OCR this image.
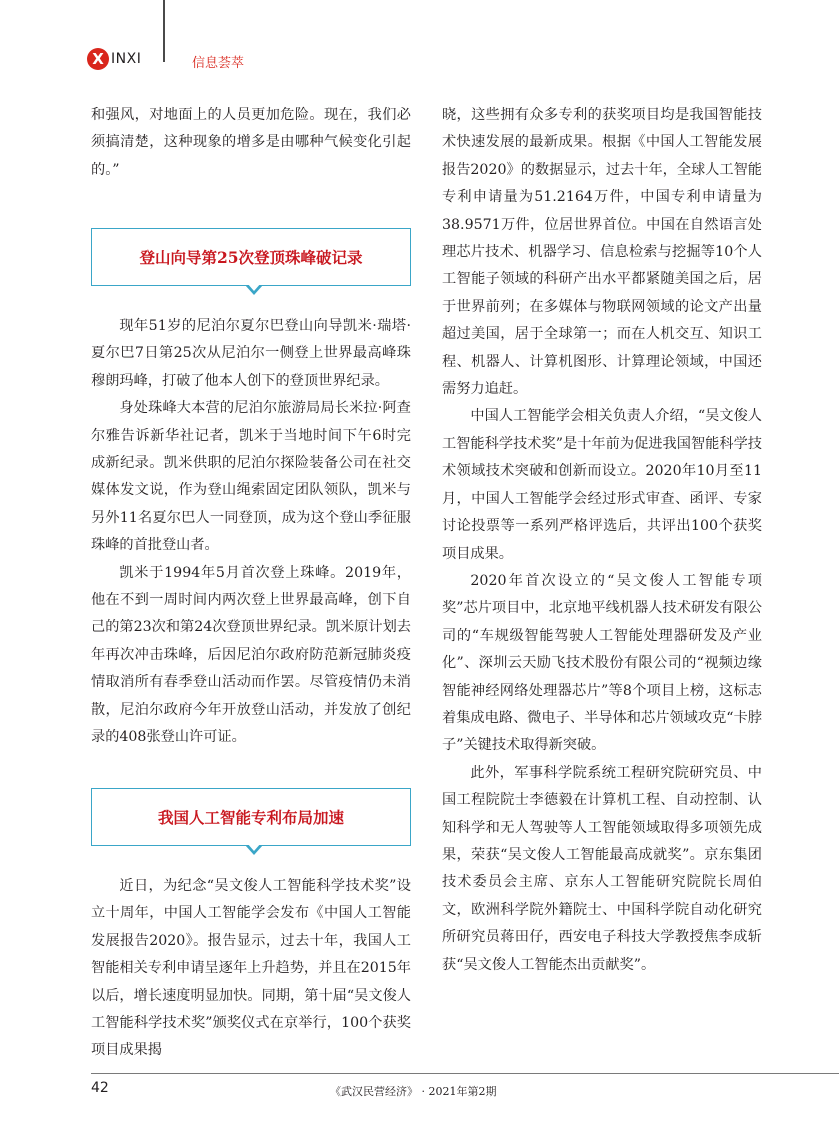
X INXI	信息荟萃

和强风，对地面上的人员更加危险。现在，我们必须搞清楚，这种现象的增多是由哪种气候变化引起的。”

登山向导第25次登顶珠峰破记录

现年51岁的尼泊尔夏尔巴登山向导凯米·瑞塔·夏尔巴7日第25次从尼泊尔一侧登上世界最高峰珠穆朗玛峰，打破了他本人创下的登顶世界纪录。

身处珠峰大本营的尼泊尔旅游局局长米拉·阿查尔雅告诉新华社记者，凯米于当地时间下午6时完成新纪录。凯米供职的尼泊尔探险装备公司在社交媒体发文说，作为登山绳索固定团队领队，凯米与另外11名夏尔巴人一同登顶，成为这个登山季征服珠峰的首批登山者。

凯米于1994年5月首次登上珠峰。2019年，他在不到一周时间内两次登上世界最高峰，创下自己的第23次和第24次登顶世界纪录。凯米原计划去年再次冲击珠峰，后因尼泊尔政府防范新冠肺炎疫情取消所有春季登山活动而作罢。尽管疫情仍未消散，尼泊尔政府今年开放登山活动，并发放了创纪录的408张登山许可证。

我国人工智能专利布局加速

近日，为纪念“吴文俊人工智能科学技术奖”设立十周年，中国人工智能学会发布《中国人工智能发展报告2020》。报告显示，过去十年，我国人工智能相关专利申请呈逐年上升趋势，并且在2015年以后，增长速度明显加快。同期，第十届“吴文俊人工智能科学技术奖”颁奖仪式在京举行，100个获奖项目成果揭

晓，这些拥有众多专利的获奖项目均是我国智能技术快速发展的最新成果。根据《中国人工智能发展报告2020》的数据显示，过去十年，全球人工智能专利申请量为51.2164万件，中国专利申请量为38.9571万件，位居世界首位。中国在自然语言处理芯片技术、机器学习、信息检索与挖掘等10个人工智能子领域的科研产出水平都紧随美国之后，居于世界前列；在多媒体与物联网领域的论文产出量超过美国，居于全球第一；而在人机交互、知识工程、机器人、计算机图形、计算理论领域，中国还需努力追赶。

中国人工智能学会相关负责人介绍，“吴文俊人工智能科学技术奖”是十年前为促进我国智能科学技术领域技术突破和创新而设立。2020年10月至11月，中国人工智能学会经过形式审查、函评、专家讨论投票等一系列严格评选后，共评出100个获奖项目成果。

2020年首次设立的“吴文俊人工智能专项奖”芯片项目中，北京地平线机器人技术研发有限公司的“车规级智能驾驶人工智能处理器研发及产业化”、深圳云天励飞技术股份有限公司的“视频边缘智能神经网络处理器芯片”等8个项目上榜，这标志着集成电路、微电子、半导体和芯片领域攻克“卡脖子”关键技术取得新突破。

此外，军事科学院系统工程研究院研究员、中国工程院院士李德毅在计算机工程、自动控制、认知科学和无人驾驶等人工智能领域取得多项领先成果，荣获“吴文俊人工智能最高成就奖”。京东集团技术委员会主席、京东人工智能研究院院长周伯文，欧洲科学院外籍院士、中国科学院自动化研究所研究员蒋田仔，西安电子科技大学教授焦李成斩获“吴文俊人工智能杰出贡献奖”。

42	《武汉民营经济》 · 2021年第2期
